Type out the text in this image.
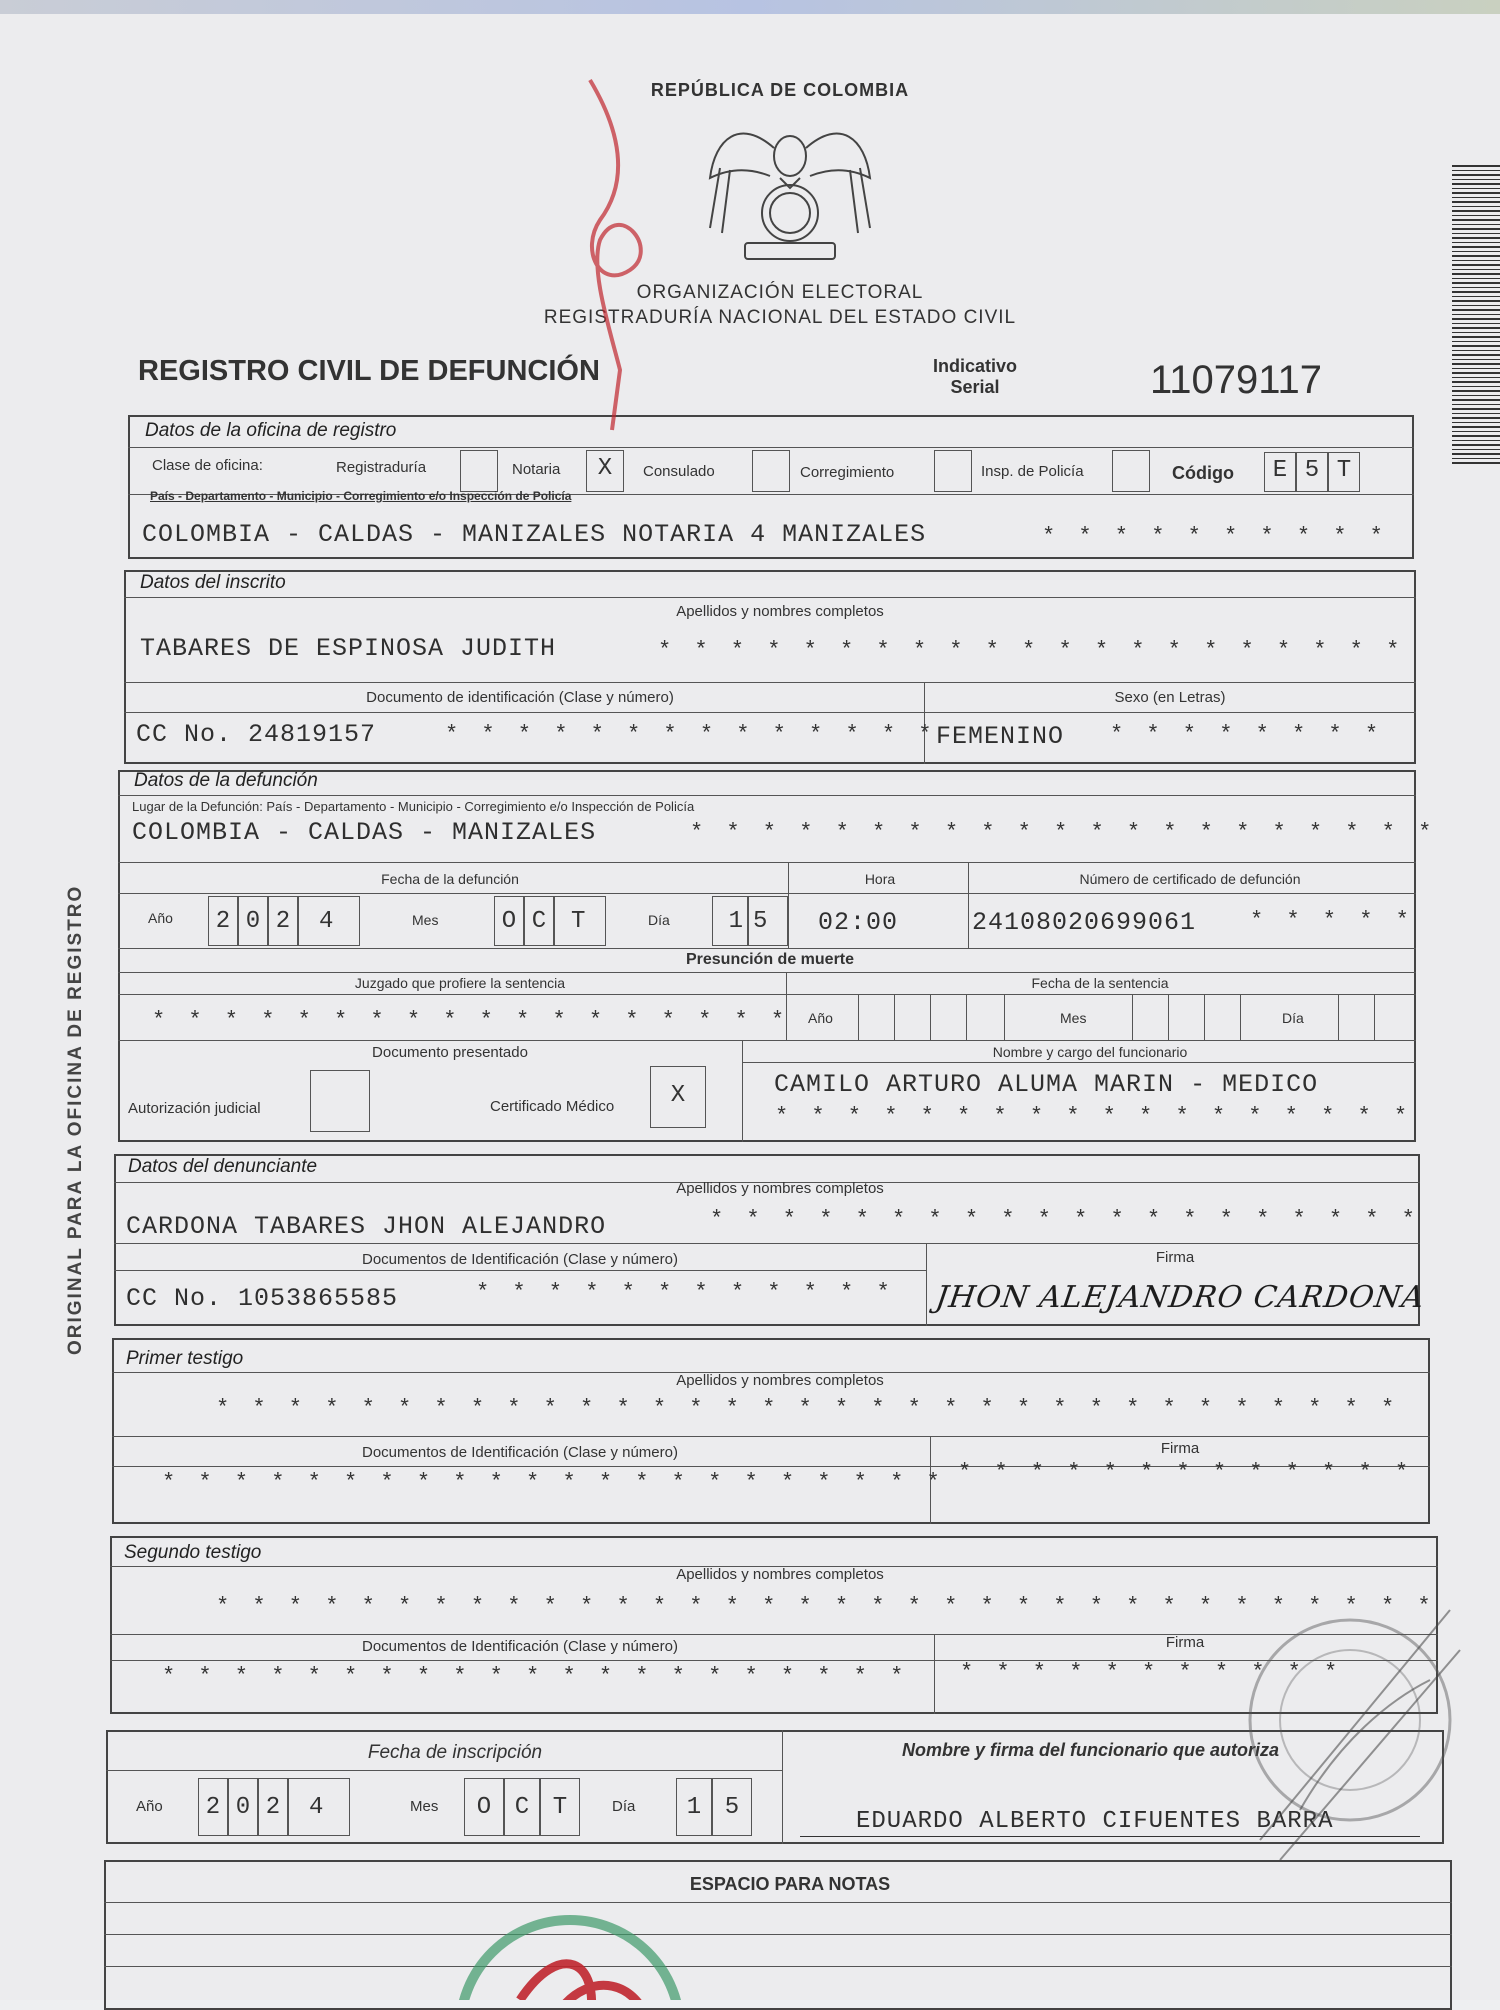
REPÚBLICA DE COLOMBIA
ORGANIZACIÓN ELECTORAL
REGISTRADURÍA NACIONAL DEL ESTADO CIVIL
REGISTRO CIVIL DE DEFUNCIÓN	Indicativo
Serial	11079117
ORIGINAL PARA LA OFICINA DE REGISTRO
Datos de la oficina de registro
Clase de oficina:	Registraduría	Notaria	X	Consulado	Corregimiento	Insp. de Policía	Código	E 5 T
País - Departamento - Municipio - Corregimiento e/o Inspección de Policía
COLOMBIA - CALDAS - MANIZALES NOTARIA 4 MANIZALES	* * * * * * * * * *
Datos del inscrito
Apellidos y nombres completos
TABARES DE ESPINOSA JUDITH	* * * * * * * * * * * * * * * * * * * * *
Documento de identificación (Clase y número)	Sexo (en Letras)
CC No. 24819157	* * * * * * * * * * * * * * FEMENINO * * * * * * * *
Datos de la defunción
Lugar de la Defunción: País - Departamento - Municipio - Corregimiento e/o Inspección de Policía
COLOMBIA - CALDAS - MANIZALES	* * * * * * * * * * * * * * * * * * * * *
Fecha de la defunción	Hora	Número de certificado de defunción
Año	2 0 2	4	Mes	O C	T	Día	1 5	02:00	24108020699061 * * * * *
Presunción de muerte
Juzgado que profiere la sentencia	Fecha de la sentencia
* * * * * * * * * * * * * * * * * * Año	Mes	Día
Documento presentado	Nombre y cargo del funcionario
Autorización judicial	Certificado Médico	X	CAMILO ARTURO ALUMA MARIN - MEDICO
* * * * * * * * * * * * * * * * * *
Datos del denunciante
Apellidos y nombres completos
CARDONA TABARES JHON ALEJANDRO	* * * * * * * * * * * * * * * * * * * *
Documentos de Identificación (Clase y número)	Firma
CC No. 1053865585	* * * * * * * * * * * * JHON ALEJANDRO CARDONA
Primer testigo
Apellidos y nombres completos
* * * * * * * * * * * * * * * * * * * * * * * * * * * * * * * * *
Documentos de Identificación (Clase y número)	Firma
* * * * * * * * * * * * * * * * * * * * * * * * * * * * * * * * * * *
Segundo testigo
Apellidos y nombres completos
* * * * * * * * * * * * * * * * * * * * * * * * * * * * * * * * * *
Documentos de Identificación (Clase y número)	Firma
* * * * * * * * * * * * * * * * * * * * * * * * * * * * * * * *
Fecha de inscripción
Año	2 0 2	4	Mes	O C T	Día	1 5
Nombre y firma del funcionario que autoriza
EDUARDO ALBERTO CIFUENTES BARRA
ESPACIO PARA NOTAS
